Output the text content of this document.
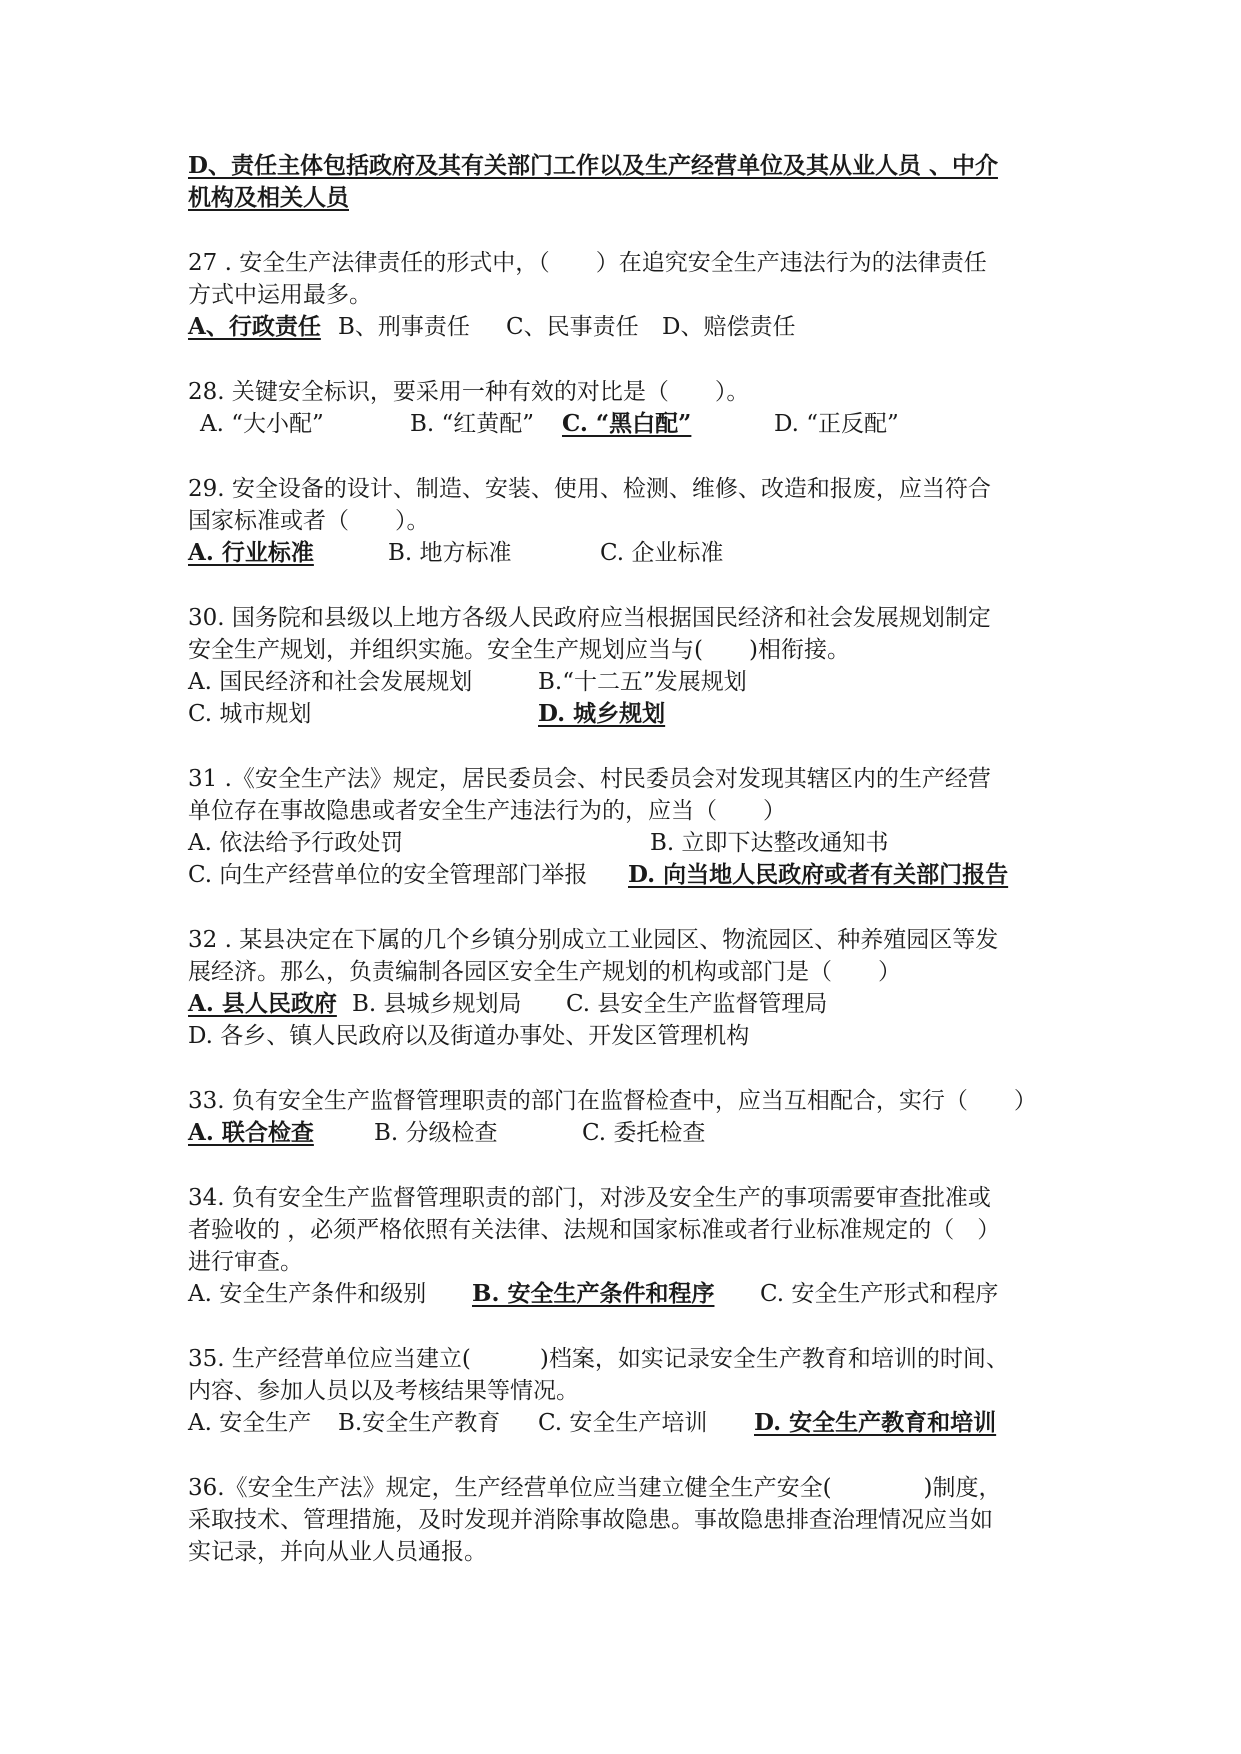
D、责任主体包括政府及其有关部门工作以及生产经营单位及其从业人员 、中介
机构及相关人员
27 . 安全生产法律责任的形式中，（　　）在追究安全生产违法行为的法律责任
方式中运用最多。
A、行政责任 B、刑事责任 C、民事责任 D、赔偿责任
28. 关键安全标识，要采用一种有效的对比是（　　）。
A. “大小配”	B. “红黄配” C. “黑白配”	D. “正反配”
29. 安全设备的设计、制造、安装、使用、检测、维修、改造和报废，应当符合
国家标准或者（　　）。
A. 行业标准	B. 地方标准	C. 企业标准
30. 国务院和县级以上地方各级人民政府应当根据国民经济和社会发展规划制定
安全生产规划，并组织实施。安全生产规划应当与(　　)相衔接。
A. 国民经济和社会发展规划	B.“十二五”发展规划
C. 城市规划	D. 城乡规划
31 .《安全生产法》规定，居民委员会、村民委员会对发现其辖区内的生产经营
单位存在事故隐患或者安全生产违法行为的，应当（　　）
A. 依法给予行政处罚	B. 立即下达整改通知书
C. 向生产经营单位的安全管理部门举报 D. 向当地人民政府或者有关部门报告
32 . 某县决定在下属的几个乡镇分别成立工业园区、物流园区、种养殖园区等发
展经济。那么，负责编制各园区安全生产规划的机构或部门是（　　）
A. 县人民政府 B. 县城乡规划局 C. 县安全生产监督管理局
D. 各乡、镇人民政府以及街道办事处、开发区管理机构
33. 负有安全生产监督管理职责的部门在监督检查中，应当互相配合，实行（　　）
A. 联合检查	B. 分级检查	C. 委托检查
34. 负有安全生产监督管理职责的部门，对涉及安全生产的事项需要审查批准或
者验收的 ，必须严格依照有关法律、法规和国家标准或者行业标准规定的（　）
进行审查。
A. 安全生产条件和级别 B. 安全生产条件和程序 C. 安全生产形式和程序
35. 生产经营单位应当建立(　　　)档案，如实记录安全生产教育和培训的时间、
内容、参加人员以及考核结果等情况。
A. 安全生产 B.安全生产教育 C. 安全生产培训 D. 安全生产教育和培训
36.《安全生产法》规定，生产经营单位应当建立健全生产安全(　　　　)制度，
采取技术、管理措施，及时发现并消除事故隐患。事故隐患排查治理情况应当如
实记录，并向从业人员通报。
